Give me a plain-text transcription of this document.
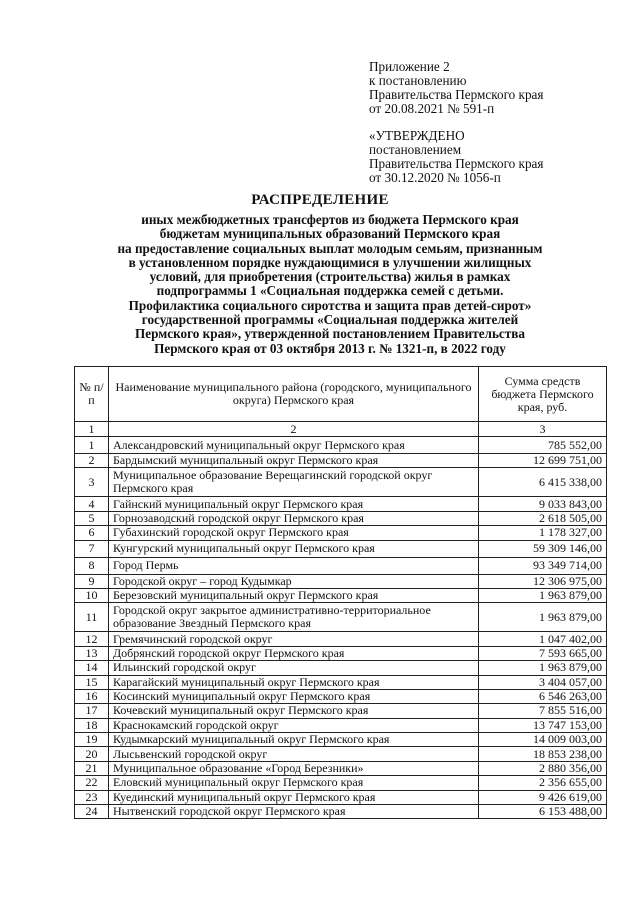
Приложение 2
к постановлению
Правительства Пермского края
от 20.08.2021 № 591-п
«УТВЕРЖДЕНО
постановлением
Правительства Пермского края
от 30.12.2020 № 1056-п
РАСПРЕДЕЛЕНИЕ
иных межбюджетных трансфертов из бюджета Пермского края
бюджетам муниципальных образований Пермского края
на предоставление социальных выплат молодым семьям, признанным
в установленном порядке нуждающимися в улучшении жилищных
условий, для приобретения (строительства) жилья в рамках
подпрограммы 1 «Социальная поддержка семей с детьми.
Профилактика социального сиротства и защита прав детей-сирот»
государственной программы «Социальная поддержка жителей
Пермского края», утвержденной постановлением Правительства
Пермского края от 03 октября 2013 г. № 1321-п, в 2022 году
№ п/п	Наименование муниципального района (городского, муниципального округа) Пермского края	Сумма средств бюджета Пермского края, руб.
1	2	3
1	Александровский муниципальный округ Пермского края	785 552,00
2	Бардымский муниципальный округ Пермского края	12 699 751,00
3	Муниципальное образование Верещагинский городской округ Пермского края	6 415 338,00
4	Гайнский муниципальный округ Пермского края	9 033 843,00
5	Горнозаводский городской округ Пермского края	2 618 505,00
6	Губахинский городской округ Пермского края	1 178 327,00
7	Кунгурский муниципальный округ Пермского края	59 309 146,00
8	Город Пермь	93 349 714,00
9	Городской округ – город Кудымкар	12 306 975,00
10	Березовский муниципальный округ Пермского края	1 963 879,00
11	Городской округ закрытое административно-территориальное образование Звездный Пермского края	1 963 879,00
12	Гремячинский городской округ	1 047 402,00
13	Добрянский городской округ Пермского края	7 593 665,00
14	Ильинский городской округ	1 963 879,00
15	Карагайский муниципальный округ Пермского края	3 404 057,00
16	Косинский муниципальный округ Пермского края	6 546 263,00
17	Кочевский муниципальный округ Пермского края	7 855 516,00
18	Краснокамский городской округ	13 747 153,00
19	Кудымкарский муниципальный округ Пермского края	14 009 003,00
20	Лысьвенский городской округ	18 853 238,00
21	Муниципальное образование «Город Березники»	2 880 356,00
22	Еловский муниципальный округ Пермского края	2 356 655,00
23	Куединский муниципальный округ Пермского края	9 426 619,00
24	Нытвенский городской округ Пермского края	6 153 488,00
